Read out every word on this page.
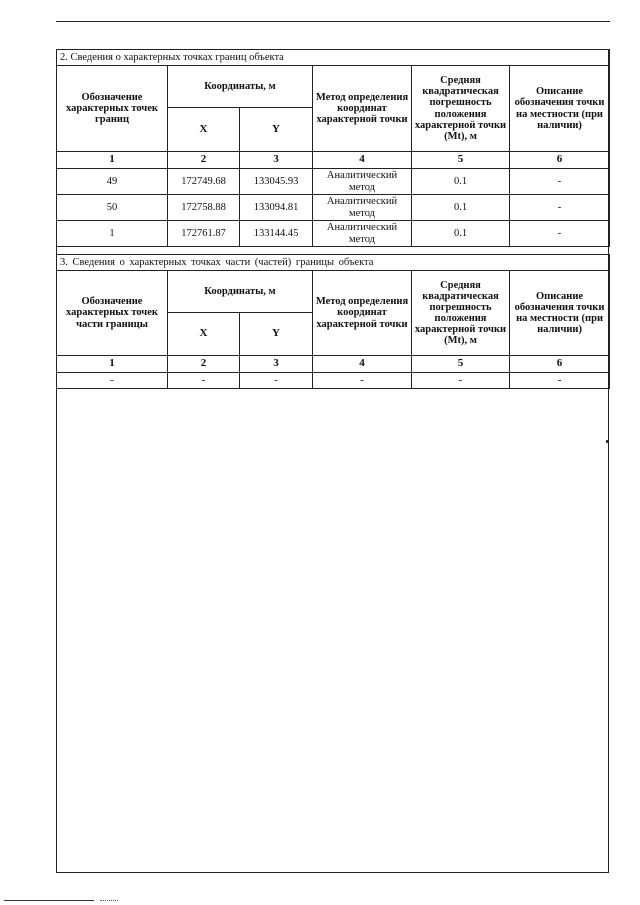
2. Сведения о характерных точках границ объекта					
Обозначение характерных точек границ	Координаты, м		Метод определения координат характерной точки	Средняя квадратическая погрешность положения характерной точки (Mt), м	Описание обозначения точки на местности (при наличии)
	X	Y			
1	2	3	4	5	6
49	172749.68	133045.93	Аналитический метод	0.1	-
50	172758.88	133094.81	Аналитический метод	0.1	-
1	172761.87	133144.45	Аналитический метод	0.1	-
3. Сведения о характерных точках части (частей) границы объекта					
Обозначение характерных точек части границы	Координаты, м		Метод определения координат характерной точки	Средняя квадратическая погрешность положения характерной точки (Mt), м	Описание обозначения точки на местности (при наличии)
	X	Y			
1	2	3	4	5	6
-	-	-	-	-	-
